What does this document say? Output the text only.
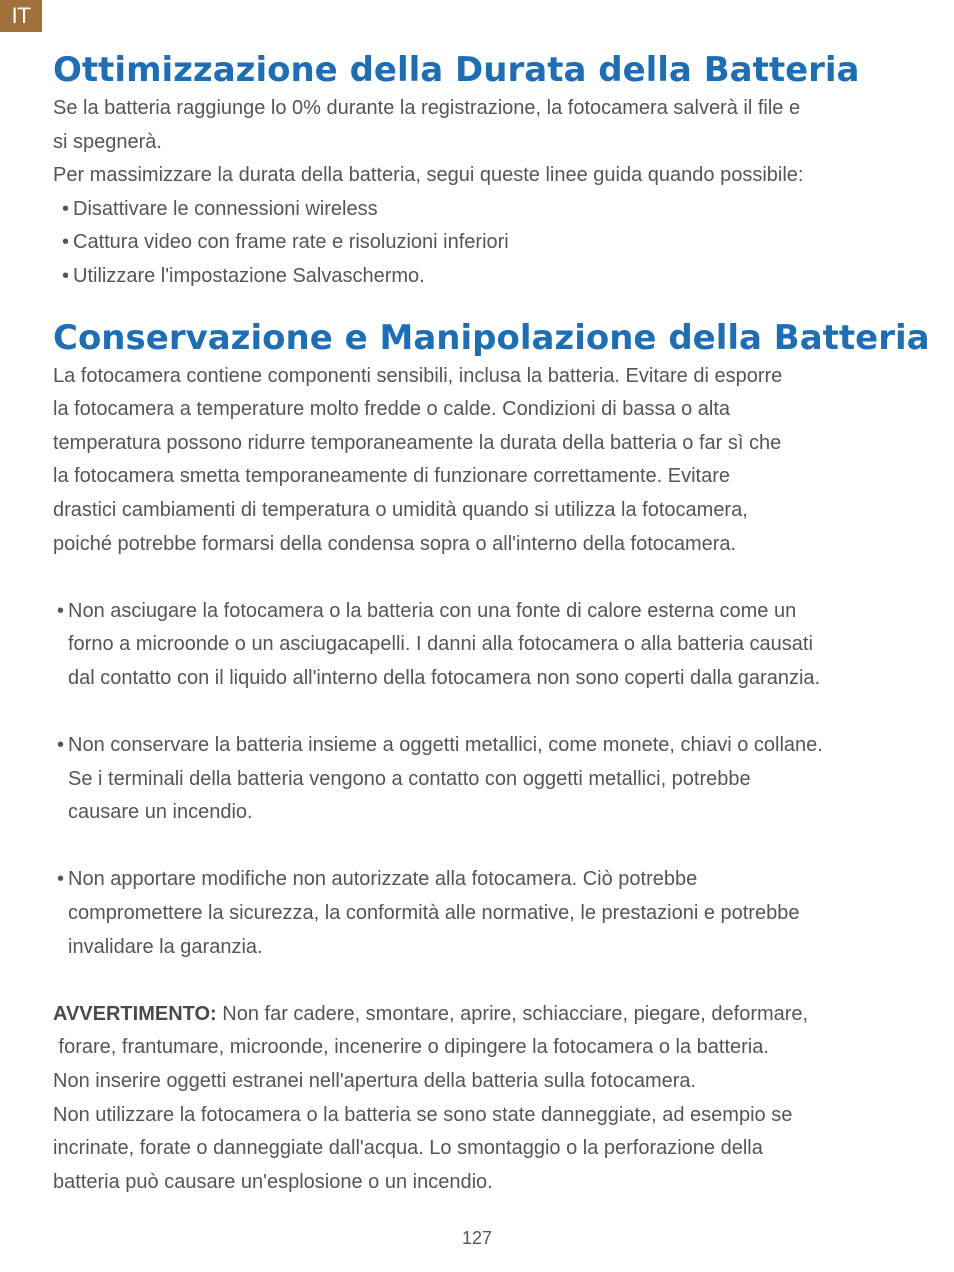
IT
Ottimizzazione della Durata della Batteria

Se la batteria raggiunge lo 0% durante la registrazione, la fotocamera salverà il file e

si spegnerà.

Per massimizzare la durata della batteria, segui queste linee guida quando possibile:

• Disattivare le connessioni wireless

• Cattura video con frame rate e risoluzioni inferiori

• Utilizzare l'impostazione Salvaschermo.

Conservazione e Manipolazione della Batteria

La fotocamera contiene componenti sensibili, inclusa la batteria. Evitare di esporre

la fotocamera a temperature molto fredde o calde. Condizioni di bassa o alta

temperatura possono ridurre temporaneamente la durata della batteria o far sì che

la fotocamera smetta temporaneamente di funzionare correttamente. Evitare

drastici cambiamenti di temperatura o umidità quando si utilizza la fotocamera,

poiché potrebbe formarsi della condensa sopra o all'interno della fotocamera.

• Non asciugare la fotocamera o la batteria con una fonte di calore esterna come un

forno a microonde o un asciugacapelli. I danni alla fotocamera o alla batteria causati

dal contatto con il liquido all'interno della fotocamera non sono coperti dalla garanzia.

• Non conservare la batteria insieme a oggetti metallici, come monete, chiavi o collane.

Se i terminali della batteria vengono a contatto con oggetti metallici, potrebbe

causare un incendio.

• Non apportare modifiche non autorizzate alla fotocamera. Ciò potrebbe

compromettere la sicurezza, la conformità alle normative, le prestazioni e potrebbe

invalidare la garanzia.

AVVERTIMENTO: Non far cadere, smontare, aprire, schiacciare, piegare, deformare,

forare, frantumare, microonde, incenerire o dipingere la fotocamera o la batteria.

Non inserire oggetti estranei nell'apertura della batteria sulla fotocamera.

Non utilizzare la fotocamera o la batteria se sono state danneggiate, ad esempio se

incrinate, forate o danneggiate dall'acqua. Lo smontaggio o la perforazione della

batteria può causare un'esplosione o un incendio.

127
